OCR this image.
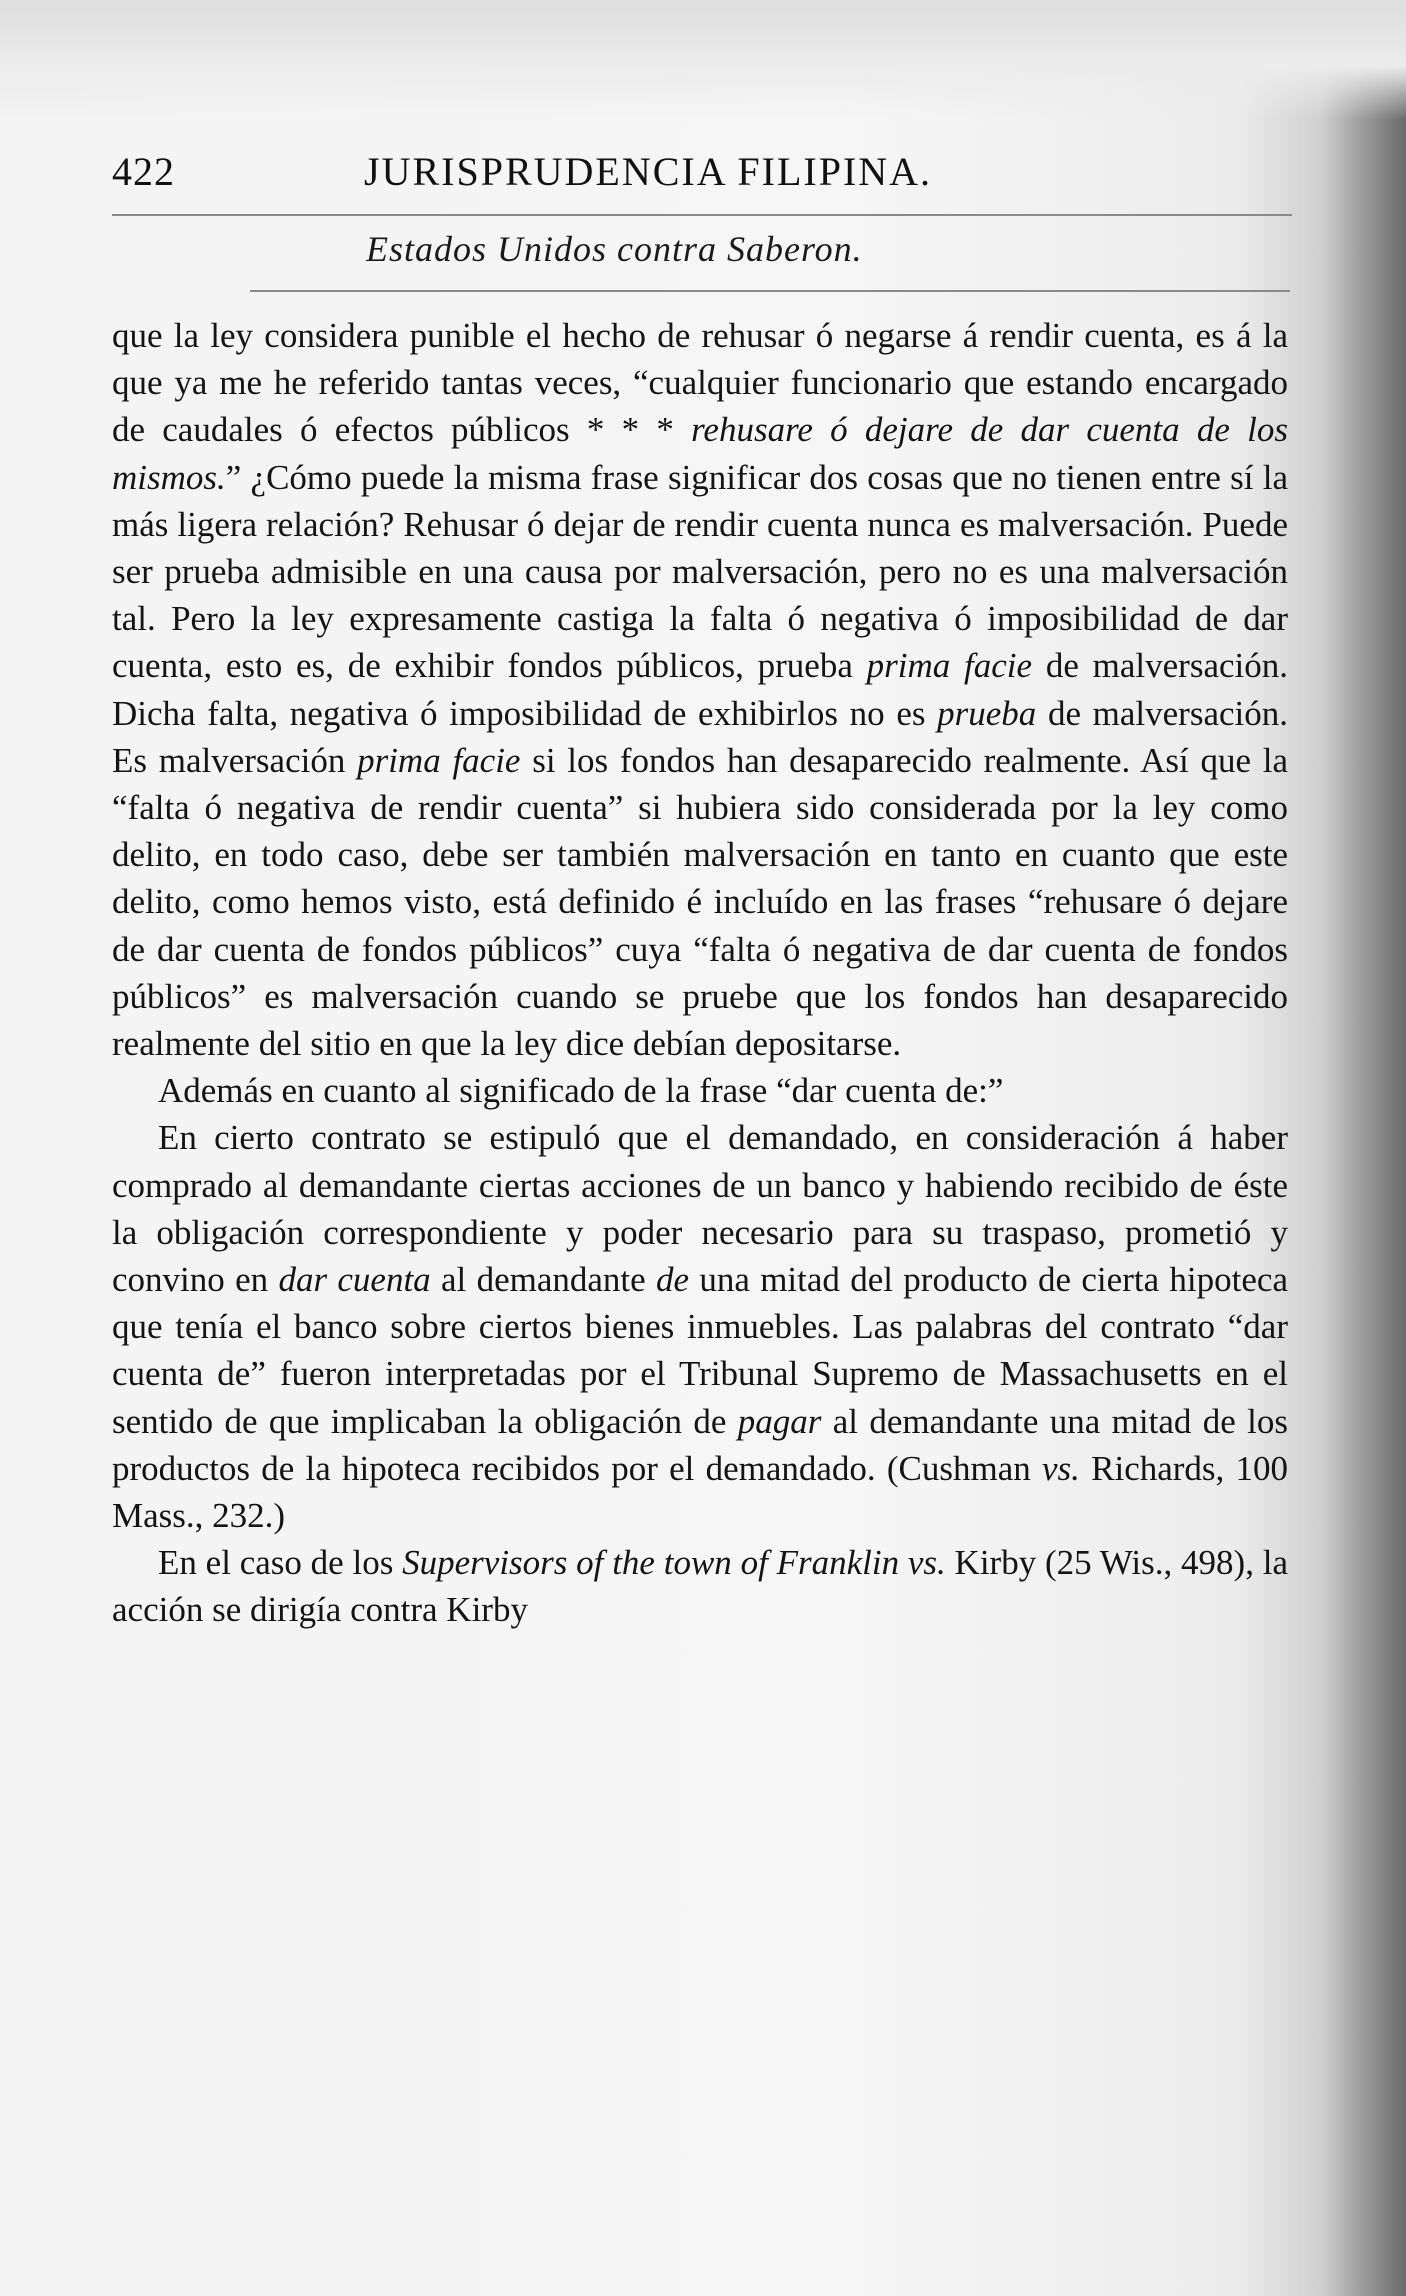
422	JURISPRUDENCIA FILIPINA.
Estados Unidos contra Saberon.

que la ley considera punible el hecho de rehusar ó negarse á rendir cuenta, es á la que ya me he referido tantas veces, “cualquier funcionario que estando encargado de caudales ó efectos públicos * * * rehusare ó dejare de dar cuenta de los mismos.” ¿Cómo puede la misma frase significar dos cosas que no tienen entre sí la más ligera relación? Rehusar ó dejar de rendir cuenta nunca es malversación. Puede ser prueba admisible en una causa por malversación, pero no es una malversación tal. Pero la ley expresamente castiga la falta ó negativa ó imposibilidad de dar cuenta, esto es, de exhibir fondos públicos, prueba prima facie de malversación. Dicha falta, negativa ó imposibilidad de exhibirlos no es prueba de malversación. Es malversación prima facie si los fondos han desaparecido realmente. Así que la “falta ó negativa de rendir cuenta” si hubiera sido considerada por la ley como delito, en todo caso, debe ser también malversación en tanto en cuanto que este delito, como hemos visto, está definido é incluído en las frases “rehusare ó dejare de dar cuenta de fondos públicos” cuya “falta ó negativa de dar cuenta de fondos públicos” es malversación cuando se pruebe que los fondos han desaparecido realmente del sitio en que la ley dice debían depositarse.

Además en cuanto al significado de la frase “dar cuenta de:”

En cierto contrato se estipuló que el demandado, en consideración á haber comprado al demandante ciertas acciones de un banco y habiendo recibido de éste la obligación correspondiente y poder necesario para su traspaso, prometió y convino en dar cuenta al demandante de una mitad del producto de cierta hipoteca que tenía el banco sobre ciertos bienes inmuebles. Las palabras del contrato “dar cuenta de” fueron interpretadas por el Tribunal Supremo de Massachusetts en el sentido de que implicaban la obligación de pagar al demandante una mitad de los productos de la hipoteca recibidos por el demandado. (Cushman vs. Richards, 100 Mass., 232.)

En el caso de los Supervisors of the town of Franklin vs. Kirby (25 Wis., 498), la acción se dirigía contra Kirby
